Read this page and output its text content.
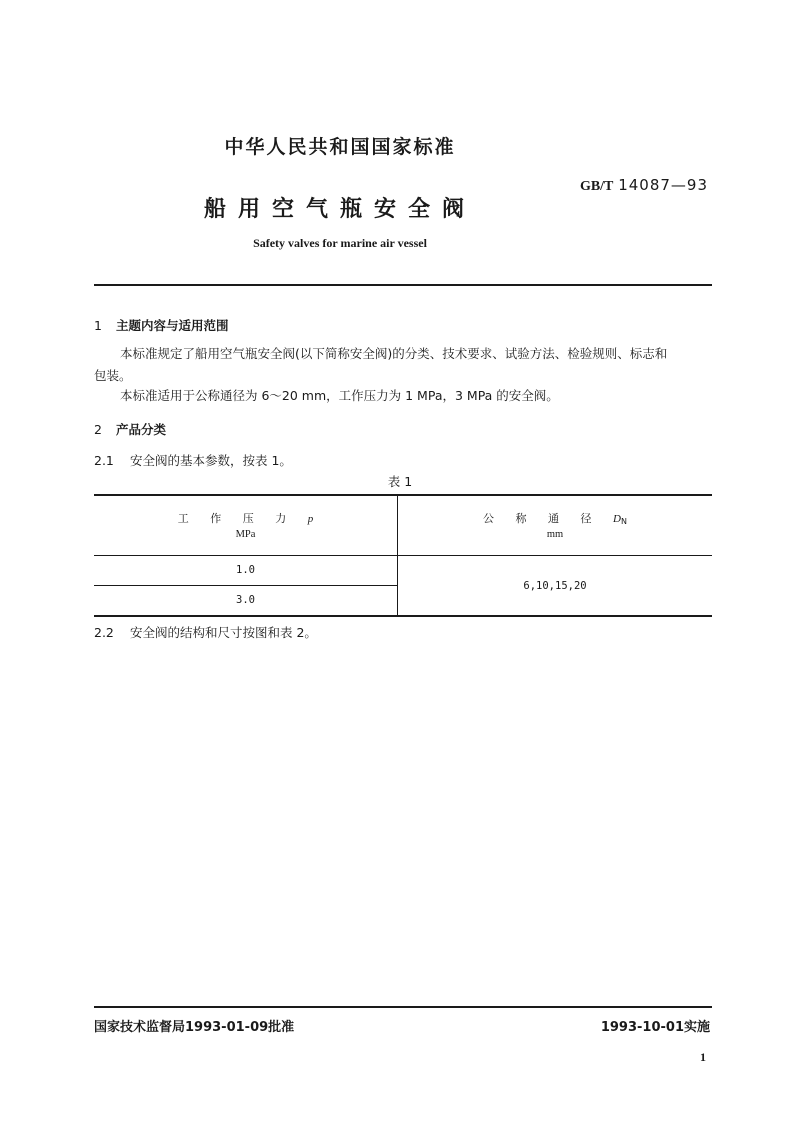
中华人民共和国国家标准
GB/T 14087—93
船用空气瓶安全阀
Safety valves for marine air vessel
1 主题内容与适用范围
本标准规定了船用空气瓶安全阀(以下简称安全阀)的分类、技术要求、试验方法、检验规则、标志和
包装。
本标准适用于公称通径为 6～20 mm，工作压力为 1 MPa，3 MPa 的安全阀。
2 产品分类
2.1 安全阀的基本参数，按表 1。
表 1
工 作 压 力 p
MPa
公 称 通 径 $D_N$
mm
1.0
3.0
6,10,15,20
2.2 安全阀的结构和尺寸按图和表 2。
国家技术监督局1993-01-09批准	1993-10-01实施
1
